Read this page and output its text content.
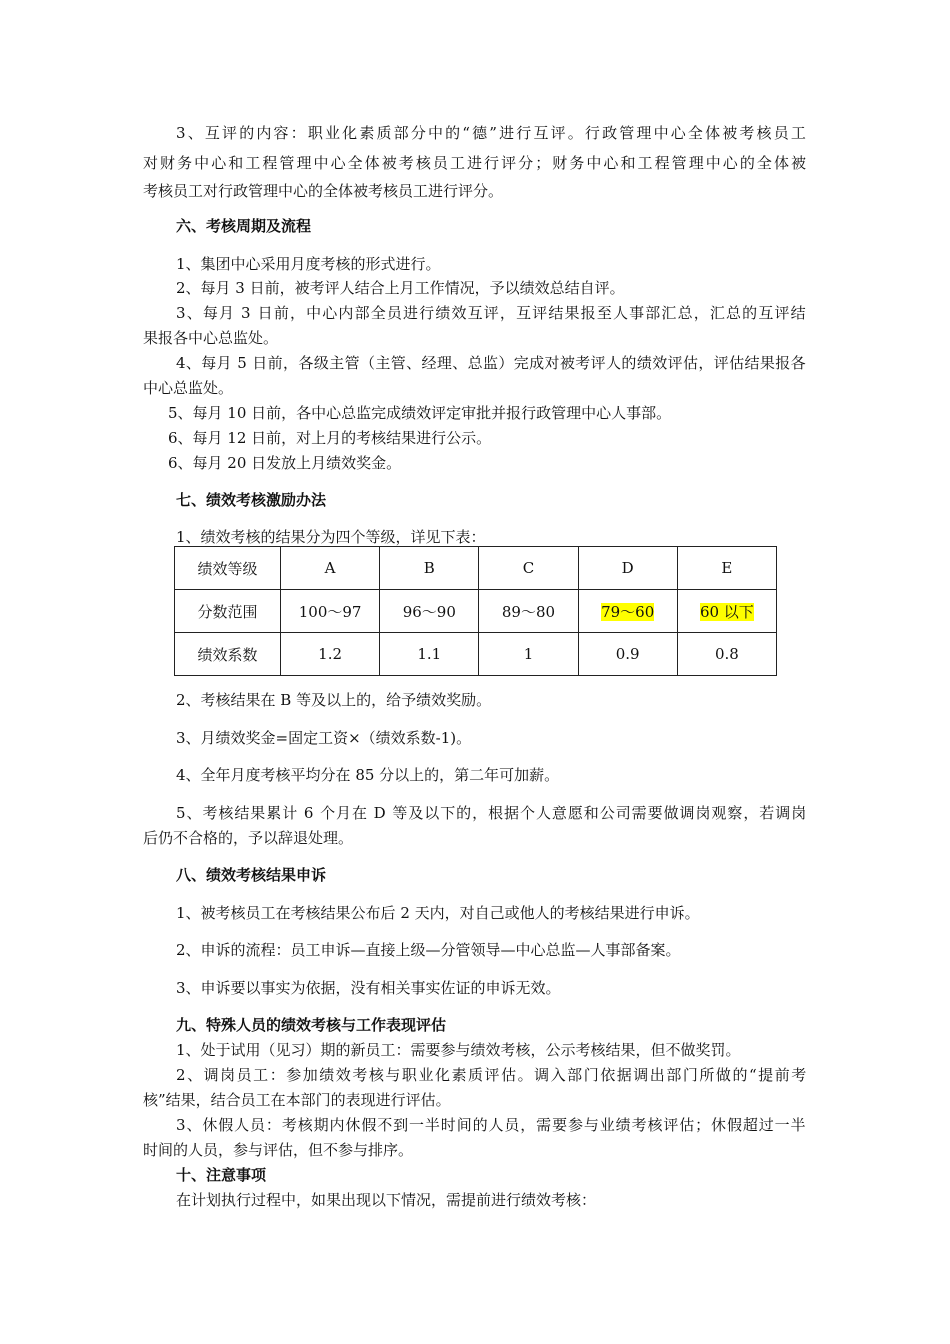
3、互评的内容：职业化素质部分中的“德”进行互评。行政管理中心全体被考核员工
对财务中心和工程管理中心全体被考核员工进行评分；财务中心和工程管理中心的全体被
考核员工对行政管理中心的全体被考核员工进行评分。
六、考核周期及流程
1、集团中心采用月度考核的形式进行。
2、每月 3 日前，被考评人结合上月工作情况，予以绩效总结自评。
3、每月 3 日前，中心内部全员进行绩效互评，互评结果报至人事部汇总，汇总的互评结
果报各中心总监处。
4、每月 5 日前，各级主管（主管、经理、总监）完成对被考评人的绩效评估，评估结果报各
中心总监处。
5、每月 10 日前，各中心总监完成绩效评定审批并报行政管理中心人事部。
6、每月 12 日前，对上月的考核结果进行公示。
6、每月 20 日发放上月绩效奖金。
七、绩效考核激励办法
1、绩效考核的结果分为四个等级，详见下表：
绩效等级	A	B	C	D	E
分数范围	100～97	96～90	89～80	79～60	60 以下
绩效系数	1.2	1.1	1	0.9	0.8
2、考核结果在 B 等及以上的，给予绩效奖励。
3、月绩效奖金=固定工资×（绩效系数-1)。
4、全年月度考核平均分在 85 分以上的，第二年可加薪。
5、考核结果累计 6 个月在 D 等及以下的，根据个人意愿和公司需要做调岗观察，若调岗
后仍不合格的，予以辞退处理。
八、绩效考核结果申诉
1、被考核员工在考核结果公布后 2 天内，对自己或他人的考核结果进行申诉。
2、申诉的流程：员工申诉—直接上级—分管领导—中心总监—人事部备案。
3、申诉要以事实为依据，没有相关事实佐证的申诉无效。
九、特殊人员的绩效考核与工作表现评估
1、处于试用（见习）期的新员工：需要参与绩效考核，公示考核结果，但不做奖罚。
2、调岗员工：参加绩效考核与职业化素质评估。调入部门依据调出部门所做的“提前考
核”结果，结合员工在本部门的表现进行评估。
3、休假人员：考核期内休假不到一半时间的人员，需要参与业绩考核评估；休假超过一半
时间的人员，参与评估，但不参与排序。
十、注意事项
在计划执行过程中，如果出现以下情况，需提前进行绩效考核：
